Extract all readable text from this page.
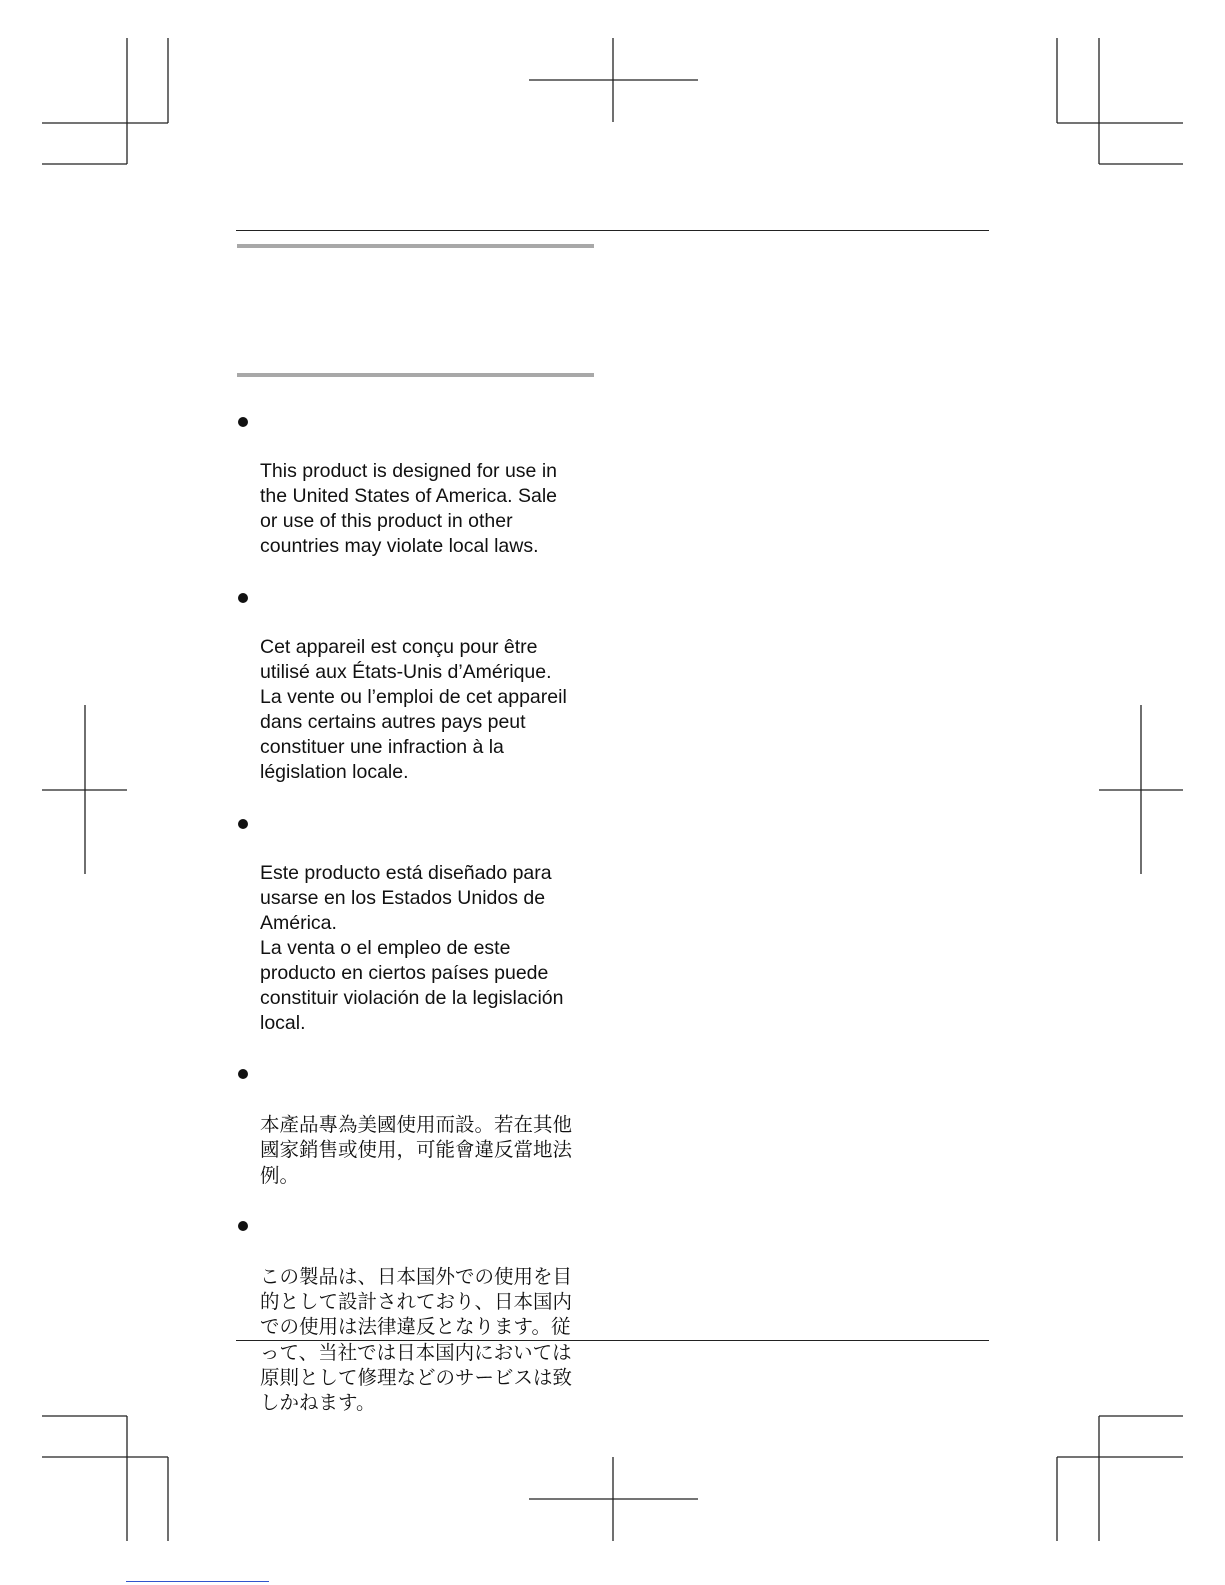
This product is designed for use in
the United States of America. Sale
or use of this product in other
countries may violate local laws.

Cet appareil est conçu pour être
utilisé aux États-Unis d’Amérique.
La vente ou l’emploi de cet appareil
dans certains autres pays peut
constituer une infraction à la
législation locale.

Este producto está diseñado para
usarse en los Estados Unidos de
América.
La venta o el empleo de este
producto en ciertos países puede
constituir violación de la legislación
local.

本產品專為美國使用而設。若在其他
國家銷售或使用，可能會違反當地法
例。

この製品は、日本国外での使用を目
的として設計されており、日本国内
での使用は法律違反となります。従
って、当社では日本国内においては
原則として修理などのサービスは致
しかねます。
